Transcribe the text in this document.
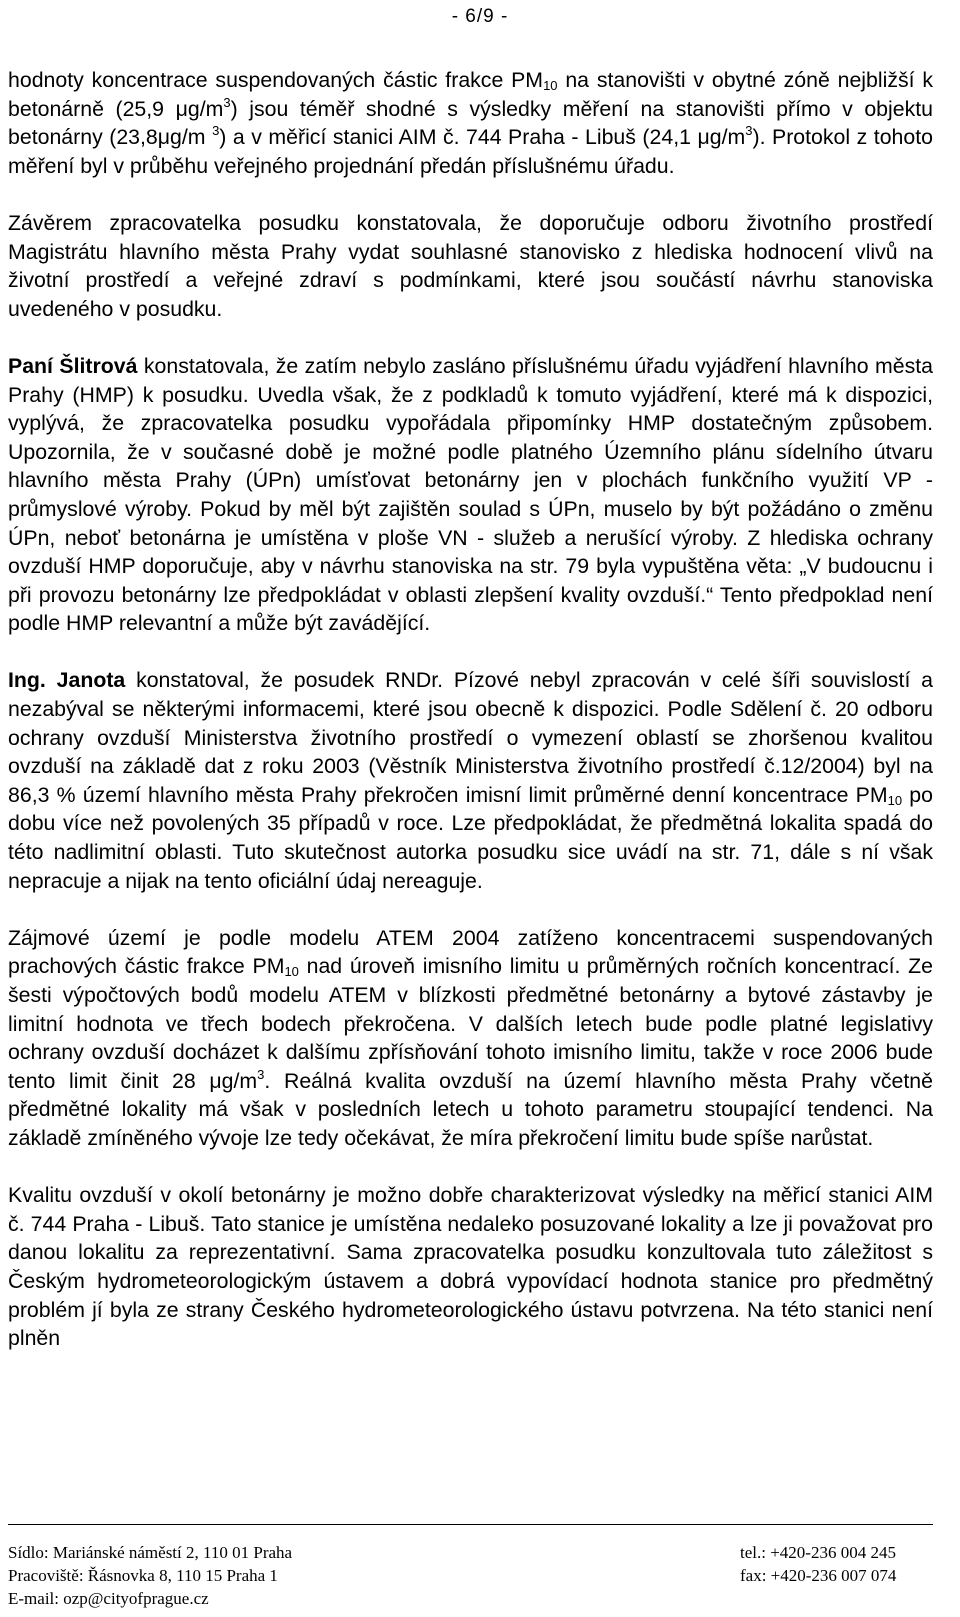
- 6/9 -

hodnoty koncentrace suspendovaných částic frakce $PM_{10}$ na stanovišti v obytné zóně nejbližší k betonárně (25,9 $\mu g/m^3$) jsou téměř shodné s výsledky měření na stanovišti přímo v objektu betonárny (23,8μg/m $^3$) a v měřicí stanici AIM č. 744 Praha - Libuš (24,1 $\mu g/m^3$). Protokol z tohoto měření byl v průběhu veřejného projednání předán příslušnému úřadu.

Závěrem zpracovatelka posudku konstatovala, že doporučuje odboru životního prostředí Magistrátu hlavního města Prahy vydat souhlasné stanovisko z hlediska hodnocení vlivů na životní prostředí a veřejné zdraví s podmínkami, které jsou součástí návrhu stanoviska uvedeného v posudku.

Paní Šlitrová konstatovala, že zatím nebylo zasláno příslušnému úřadu vyjádření hlavního města Prahy (HMP) k posudku. Uvedla však, že z podkladů k tomuto vyjádření, které má k dispozici, vyplývá, že zpracovatelka posudku vypořádala připomínky HMP dostatečným způsobem. Upozornila, že v současné době je možné podle platného Územního plánu sídelního útvaru hlavního města Prahy (ÚPn) umísťovat betonárny jen v plochách funkčního využití VP - průmyslové výroby. Pokud by měl být zajištěn soulad s ÚPn, muselo by být požádáno o změnu ÚPn, neboť betonárna je umístěna v ploše VN - služeb a nerušící výroby. Z hlediska ochrany ovzduší HMP doporučuje, aby v návrhu stanoviska na str. 79 byla vypuštěna věta: „V budoucnu i při provozu betonárny lze předpokládat v oblasti zlepšení kvality ovzduší.“ Tento předpoklad není podle HMP relevantní a může být zavádějící.

Ing. Janota konstatoval, že posudek RNDr. Pízové nebyl zpracován v celé šíři souvislostí a nezabýval se některými informacemi, které jsou obecně k dispozici. Podle Sdělení č. 20 odboru ochrany ovzduší Ministerstva životního prostředí o vymezení oblastí se zhoršenou kvalitou ovzduší na základě dat z roku 2003 (Věstník Ministerstva životního prostředí č.12/2004) byl na 86,3 % území hlavního města Prahy překročen imisní limit průměrné denní koncentrace $PM_{10}$ po dobu více než povolených 35 případů v roce. Lze předpokládat, že předmětná lokalita spadá do této nadlimitní oblasti. Tuto skutečnost autorka posudku sice uvádí na str. 71, dále s ní však nepracuje a nijak na tento oficiální údaj nereaguje.

Zájmové území je podle modelu ATEM 2004 zatíženo koncentracemi suspendovaných prachových částic frakce $PM_{10}$ nad úroveň imisního limitu u průměrných ročních koncentrací. Ze šesti výpočtových bodů modelu ATEM v blízkosti předmětné betonárny a bytové zástavby je limitní hodnota ve třech bodech překročena. V dalších letech bude podle platné legislativy ochrany ovzduší docházet k dalšímu zpřísňování tohoto imisního limitu, takže v roce 2006 bude tento limit činit 28 $\mu g/m^3$. Reálná kvalita ovzduší na území hlavního města Prahy včetně předmětné lokality má však v posledních letech u tohoto parametru stoupající tendenci. Na základě zmíněného vývoje lze tedy očekávat, že míra překročení limitu bude spíše narůstat.

Kvalitu ovzduší v okolí betonárny je možno dobře charakterizovat výsledky na měřicí stanici AIM č. 744 Praha - Libuš. Tato stanice je umístěna nedaleko posuzované lokality a lze ji považovat pro danou lokalitu za reprezentativní. Sama zpracovatelka posudku konzultovala tuto záležitost s Českým hydrometeorologickým ústavem a dobrá vypovídací hodnota stanice pro předmětný problém jí byla ze strany Českého hydrometeorologického ústavu potvrzena. Na této stanici není plněn

Sídlo: Mariánské náměstí 2, 110 01 Praha
Pracoviště: Řásnovka 8, 110 15 Praha 1
E-mail: ozp@cityofprague.cz
tel.: +420-236 004 245
fax: +420-236 007 074
